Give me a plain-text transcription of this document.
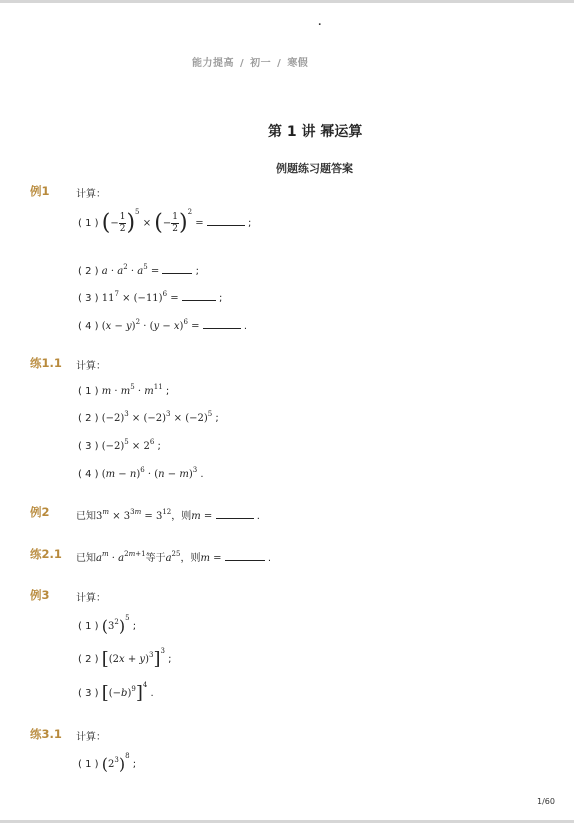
.
能力提高 / 初一 / 寒假
第 1 讲 幂运算
例题练习题答案
例1	计算：
( 1 ) (− $\frac{1}{2} )^5$ × (− $\frac{1}{2} )^2$ =	;
( 2 ) $a \cdot a^2 \cdot a^5$ =	;
( 3 ) $11^7 \times (-11)^6$ =	;
( 4 ) $(x - y)^2 \cdot (y - x)^6$ =	.
练1.1 计算：
( 1 ) $m \cdot m^5 \cdot m^{11}$ ;
( 2 ) $(-2)^3 \times (-2)^3 \times (-2)^5$ ;
( 3 ) $(-2)^5 \times 2^6$ ;
( 4 ) $(m - n)^6 \cdot (n - m)^3$ .
例2	已知$3^m \times 3^{3m} = 3^{12}$，则m =	.
练2.1 已知$a^m \cdot a^{2m+1}$等于$a^{25}$，则m =	.
例3	计算：
( 1 ) $(3^2)^5$ ;
( 2 ) $[(2x + y)^3]^3$ ;
( 3 ) $[(-b)^9]^4$ .
练3.1 计算：
( 1 ) $(2^3)^8$ ;
1/60
